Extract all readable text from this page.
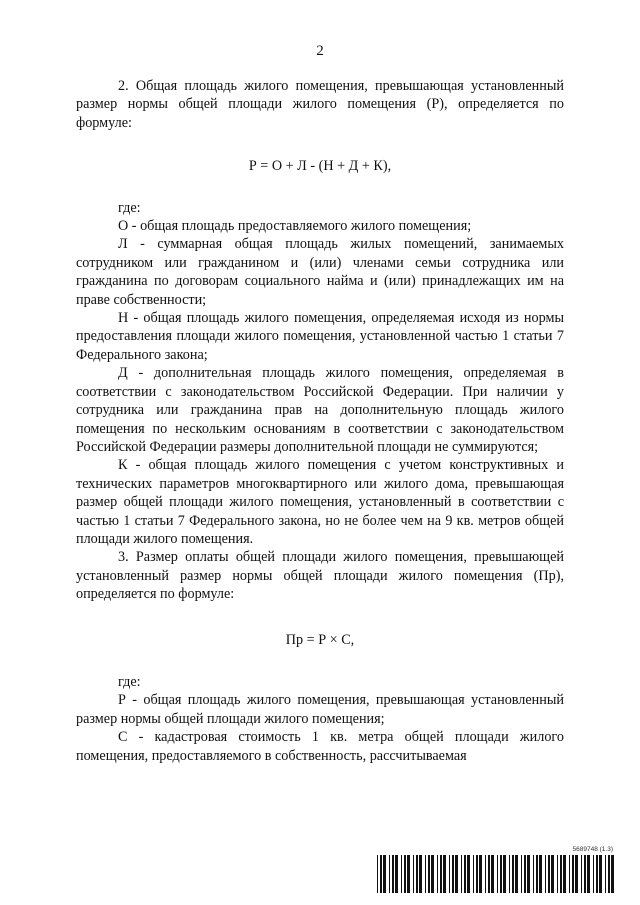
2

2. Общая площадь жилого помещения, превышающая установленный размер нормы общей площади жилого помещения (Р), определяется по формуле:

Р = О + Л - (Н + Д + К),

где:

О - общая площадь предоставляемого жилого помещения;

Л - суммарная общая площадь жилых помещений, занимаемых сотрудником или гражданином и (или) членами семьи сотрудника или гражданина по договорам социального найма и (или) принадлежащих им на праве собственности;

Н - общая площадь жилого помещения, определяемая исходя из нормы предоставления площади жилого помещения, установленной частью 1 статьи 7 Федерального закона;

Д - дополнительная площадь жилого помещения, определяемая в соответствии с законодательством Российской Федерации. При наличии у сотрудника или гражданина прав на дополнительную площадь жилого помещения по нескольким основаниям в соответствии с законодательством Российской Федерации размеры дополнительной площади не суммируются;

К - общая площадь жилого помещения с учетом конструктивных и технических параметров многоквартирного или жилого дома, превышающая размер общей площади жилого помещения, установленный в соответствии с частью 1 статьи 7 Федерального закона, но не более чем на 9 кв. метров общей площади жилого помещения.

3. Размер оплаты общей площади жилого помещения, превышающей установленный размер нормы общей площади жилого помещения (Пр), определяется по формуле:

Пр = Р × С,

где:

Р - общая площадь жилого помещения, превышающая установленный размер нормы общей площади жилого помещения;

С - кадастровая стоимость 1 кв. метра общей площади жилого помещения, предоставляемого в собственность, рассчитываемая

5689748 (1.3)
